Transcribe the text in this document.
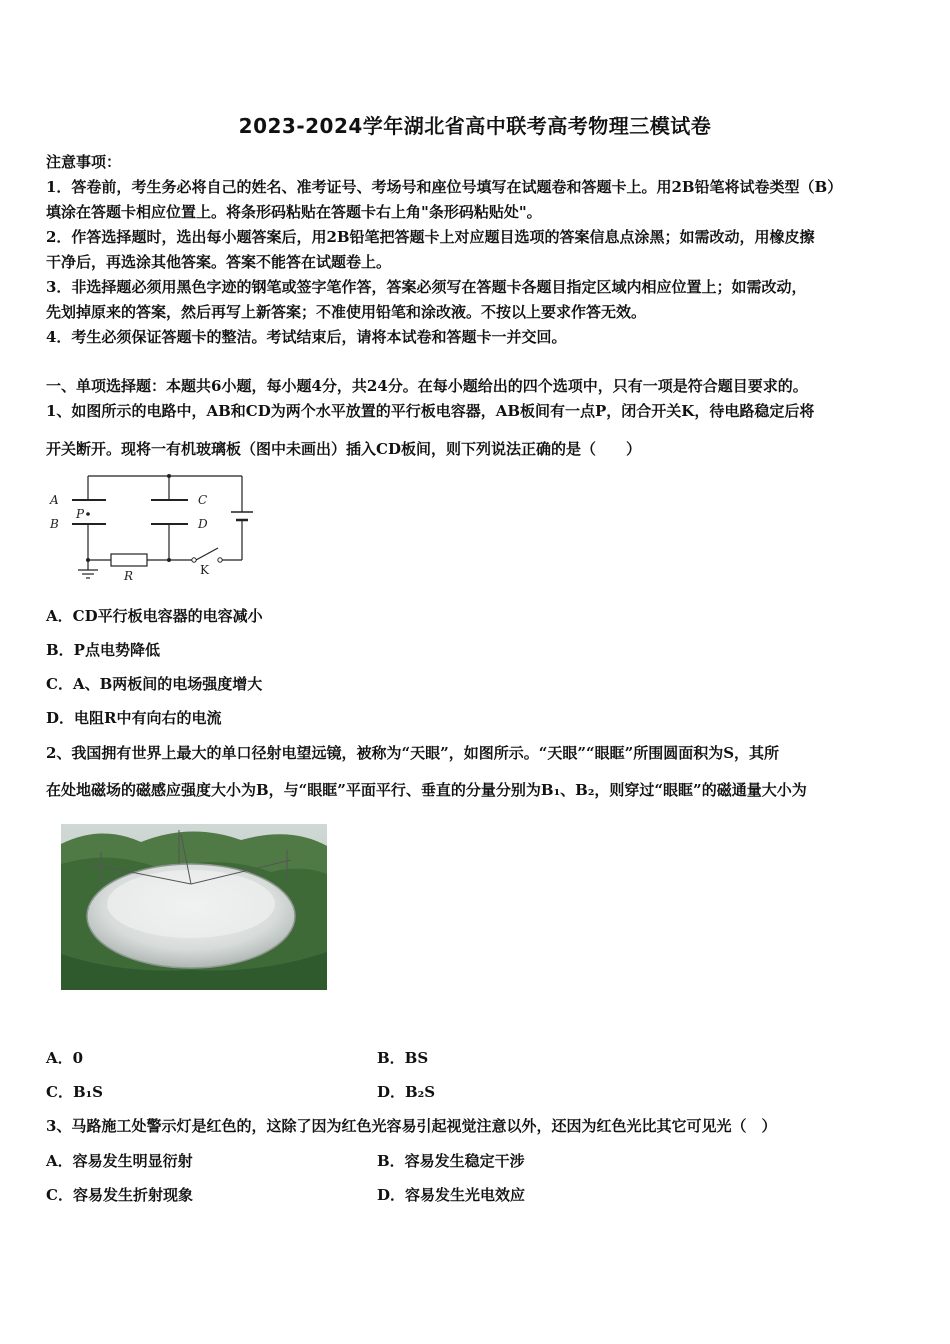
2023-2024学年湖北省高中联考高考物理三模试卷
注意事项：
1．答卷前，考生务必将自己的姓名、准考证号、考场号和座位号填写在试题卷和答题卡上。用2B铅笔将试卷类型（B）
填涂在答题卡相应位置上。将条形码粘贴在答题卡右上角"条形码粘贴处"。
2．作答选择题时，选出每小题答案后，用2B铅笔把答题卡上对应题目选项的答案信息点涂黑；如需改动，用橡皮擦
干净后，再选涂其他答案。答案不能答在试题卷上。
3．非选择题必须用黑色字迹的钢笔或签字笔作答，答案必须写在答题卡各题目指定区域内相应位置上；如需改动，
先划掉原来的答案，然后再写上新答案；不准使用铅笔和涂改液。不按以上要求作答无效。
4．考生必须保证答题卡的整洁。考试结束后，请将本试卷和答题卡一并交回。
一、单项选择题：本题共6小题，每小题4分，共24分。在每小题给出的四个选项中，只有一项是符合题目要求的。
1、如图所示的电路中，AB和CD为两个水平放置的平行板电容器，AB板间有一点P，闭合开关K，待电路稳定后将
开关断开。现将一有机玻璃板（图中未画出）插入CD板间，则下列说法正确的是（　　）
A
B
C
D
P
R	K
A．CD平行板电容器的电容减小
B．P点电势降低
C．A、B两板间的电场强度增大
D．电阻R中有向右的电流
2、我国拥有世界上最大的单口径射电望远镜，被称为“天眼”，如图所示。“天眼”“眼眶”所围圆面积为S，其所
在处地磁场的磁感应强度大小为B，与“眼眶”平面平行、垂直的分量分别为B₁、B₂，则穿过“眼眶”的磁通量大小为
A．0	B．BS
C．B₁S	D．B₂S
3、马路施工处警示灯是红色的，这除了因为红色光容易引起视觉注意以外，还因为红色光比其它可见光（　）
A．容易发生明显衍射	B．容易发生稳定干涉
C．容易发生折射现象	D．容易发生光电效应
